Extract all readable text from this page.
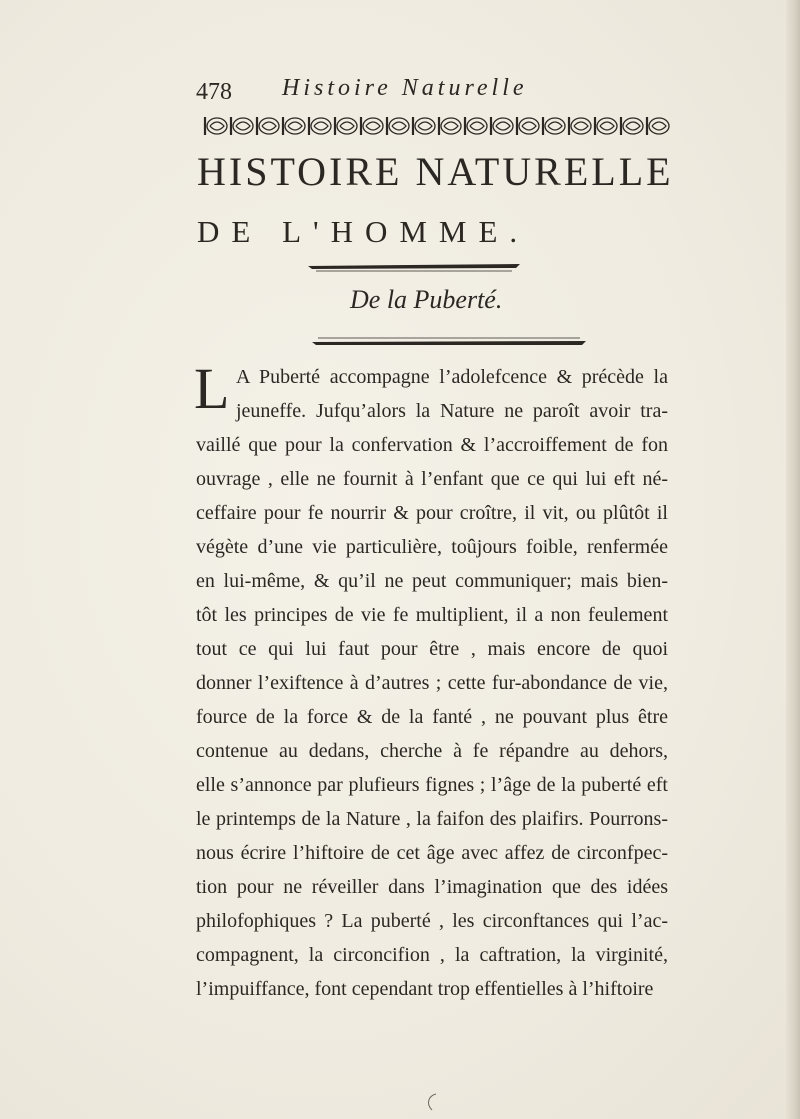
478 Histoire Naturelle
HISTOIRE NATURELLE
DE L'HOMME.
De la Puberté.
L A Puberté accompagne l’adolefcence & précède la
jeuneffe. Jufqu’alors la Nature ne paroît avoir tra-
vaillé que pour la confervation & l’accroiffement de fon
ouvrage , elle ne fournit à l’enfant que ce qui lui eft né-
ceffaire pour fe nourrir & pour croître, il vit, ou plûtôt il
végète d’une vie particulière, toûjours foible, renfermée
en lui-même, & qu’il ne peut communiquer; mais bien-
tôt les principes de vie fe multiplient, il a non feulement
tout ce qui lui faut pour être , mais encore de quoi
donner l’exiftence à d’autres ; cette fur-abondance de vie,
fource de la force & de la fanté , ne pouvant plus être
contenue au dedans, cherche à fe répandre au dehors,
elle s’annonce par plufieurs fignes ; l’âge de la puberté eft
le printemps de la Nature , la faifon des plaifirs. Pourrons-
nous écrire l’hiftoire de cet âge avec affez de circonfpec-
tion pour ne réveiller dans l’imagination que des idées
philofophiques ? La puberté , les circonftances qui l’ac-
compagnent, la circoncifion , la caftration, la virginité,
l’impuiffance, font cependant trop effentielles à l’hiftoire
